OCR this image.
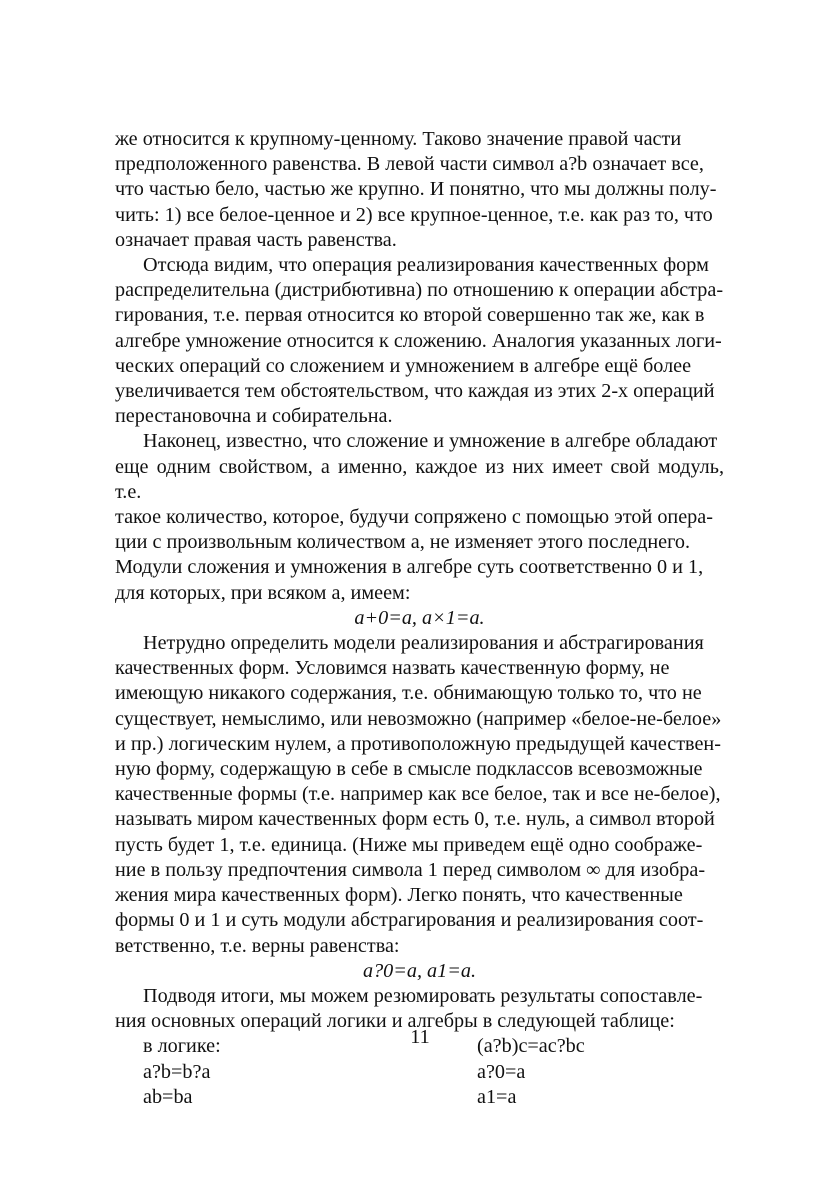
же относится к крупному-ценному. Таково значение правой части
предположенного равенства. В левой части символ a?b означает все,
что частью бело, частью же крупно. И понятно, что мы должны полу-
чить: 1) все белое-ценное и 2) все крупное-ценное, т.е. как раз то, что
означает правая часть равенства.
Отсюда видим, что операция реализирования качественных форм
распределительна (дистрибютивна) по отношению к операции абстра-
гирования, т.е. первая относится ко второй совершенно так же, как в
алгебре умножение относится к сложению. Аналогия указанных логи-
ческих операций со сложением и умножением в алгебре ещё более
увеличивается тем обстоятельством, что каждая из этих 2-х операций
перестановочна и собирательна.
Наконец, известно, что сложение и умножение в алгебре обладают
еще одним свойством, а именно, каждое из них имеет свой модуль, т.е.
такое количество, которое, будучи сопряжено с помощью этой опера-
ции с произвольным количеством a, не изменяет этого последнего.
Модули сложения и умножения в алгебре суть соответственно 0 и 1,
для которых, при всяком а, имеем:
a+0=a, a×1=a.
Нетрудно определить модели реализирования и абстрагирования
качественных форм. Условимся назвать качественную форму, не
имеющую никакого содержания, т.е. обнимающую только то, что не
существует, немыслимо, или невозможно (например «белое-не-белое»
и пр.) логическим нулем, а противоположную предыдущей качествен-
ную форму, содержащую в себе в смысле подклассов всевозможные
качественные формы (т.е. например как все белое, так и все не-белое),
называть миром качественных форм есть 0, т.е. нуль, а символ второй
пусть будет 1, т.е. единица. (Ниже мы приведем ещё одно соображе-
ние в пользу предпочтения символа 1 перед символом ∞ для изобра-
жения мира качественных форм). Легко понять, что качественные
формы 0 и 1 и суть модули абстрагирования и реализирования соот-
ветственно, т.е. верны равенства:
a?0=a, a1=a.
Подводя итоги, мы можем резюмировать результаты сопоставле-
ния основных операций логики и алгебры в следующей таблице:
в логике:	(a?b)c=ac?bc
a?b=b?a	a?0=a
ab=ba	a1=a
11
